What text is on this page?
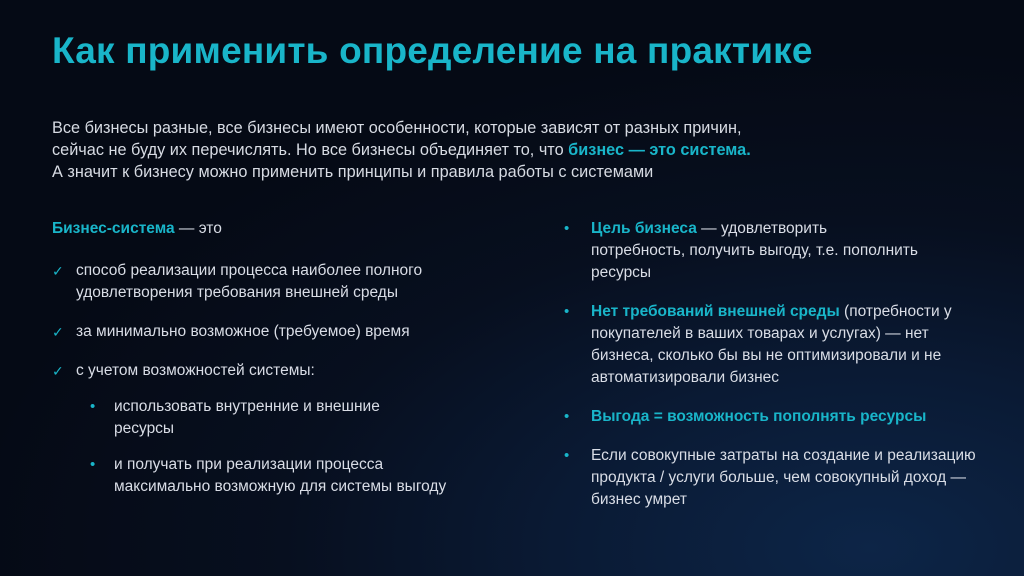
Как применить определение на практике
Все бизнесы разные, все бизнесы имеют особенности, которые зависят от разных причин,
сейчас не буду их перечислять. Но все бизнесы объединяет то, что бизнес — это система.
А значит к бизнесу можно применить принципы и правила работы с системами
Бизнес-система — это
✓ способ реализации процесса наиболее полного удовлетворения требования внешней среды
✓ за минимально возможное (требуемое) время
✓ с учетом возможностей системы:
• использовать внутренние и внешние ресурсы
• и получать при реализации процесса максимально возможную для системы выгоду
• Цель бизнеса — удовлетворить потребность, получить выгоду, т.е. пополнить ресурсы
• Нет требований внешней среды (потребности у покупателей в ваших товарах и услугах) — нет бизнеса, сколько бы вы не оптимизировали и не автоматизировали бизнес
• Выгода = возможность пополнять ресурсы
• Если совокупные затраты на создание и реализацию продукта / услуги больше, чем совокупный доход — бизнес умрет
